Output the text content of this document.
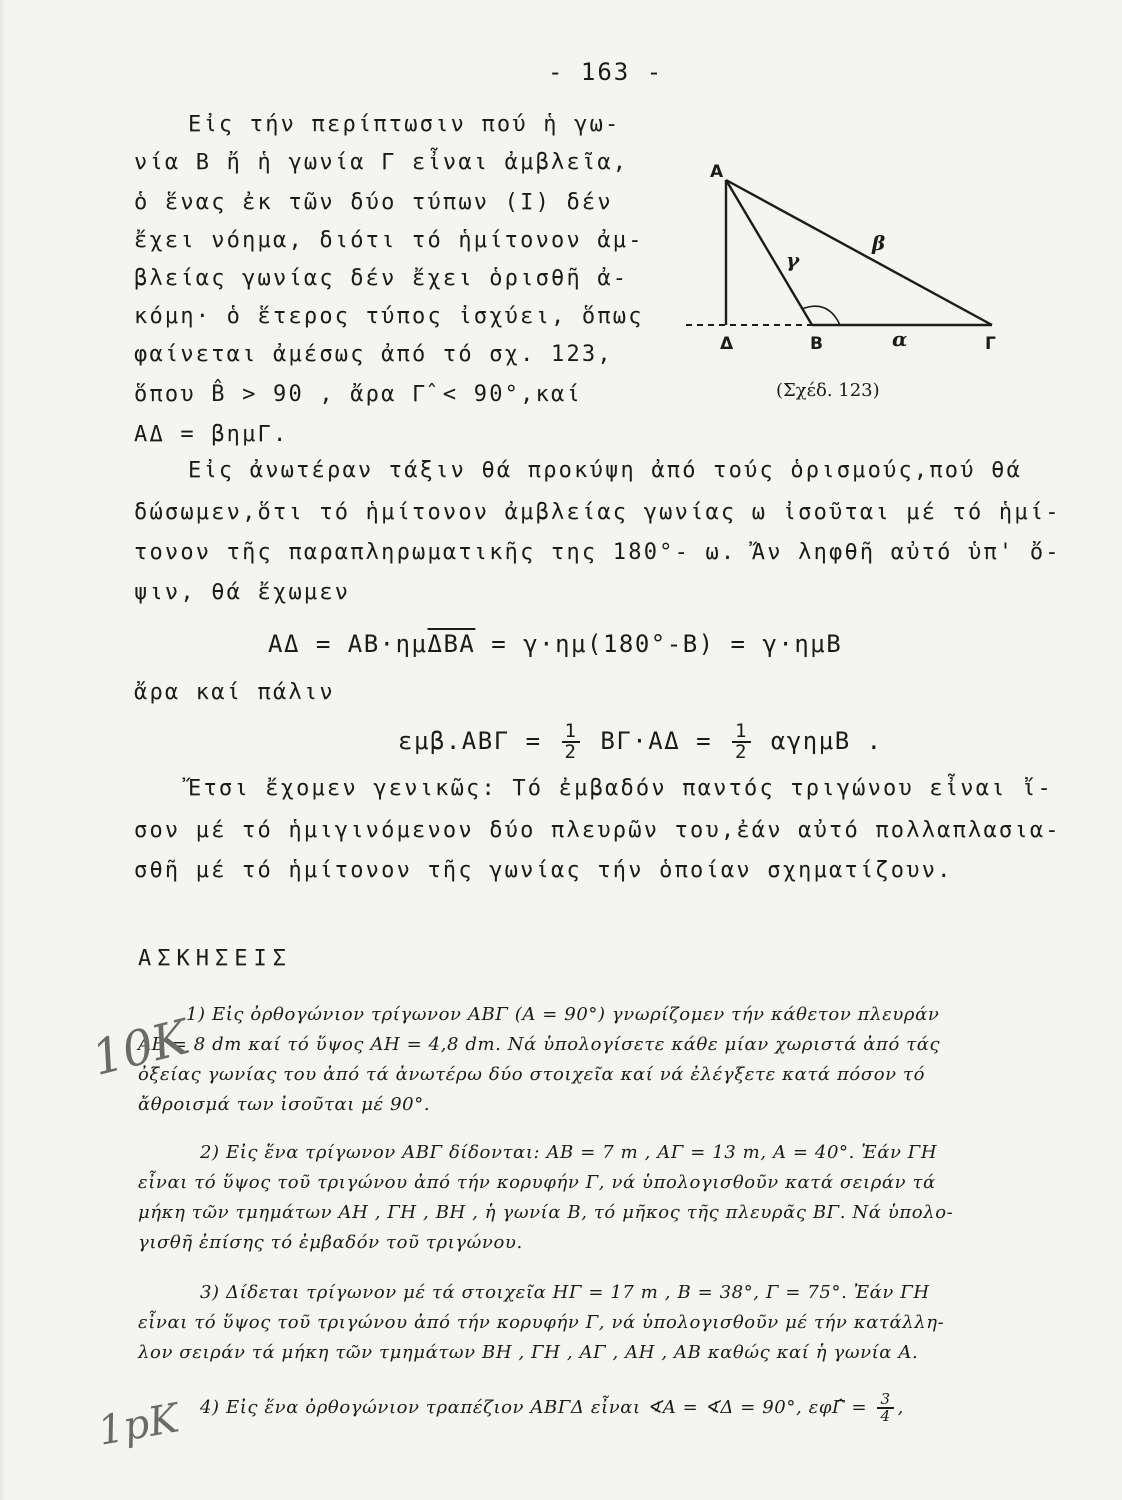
- 163 -
Εἰς τήν περίπτωσιν πού ἡ γω-
νία Β ἤ ἡ γωνία Γ εἶναι ἀμβλεῖα,
ὁ ἕνας ἐκ τῶν δύο τύπων (Ι) δέν
ἔχει νόημα, διότι τό ἡμίτονον ἀμ-
βλείας γωνίας δέν ἔχει ὁρισθῆ ἀ-
κόμη· ὁ ἕτερος τύπος ἰσχύει, ὅπως
φαίνεται ἀμέσως ἀπό τό σχ. 123,
ὅπου B̂ > 90 , ἄρα Γ̂ < 90°,καί
ΑΔ = βημΓ.
A
Δ	B	Γ
γ
β
α
(Σχέδ. 123)
Εἰς ἀνωτέραν τάξιν θά προκύψη ἀπό τούς ὁρισμούς,πού θά
δώσωμεν,ὅτι τό ἡμίτονον ἀμβλείας γωνίας ω ἰσοῦται μέ τό ἡμί-
τονον τῆς παραπληρωματικῆς της 180°- ω. Ἄν ληφθῆ αὐτό ὑπ' ὄ-
ψιν, θά ἔχωμεν
$A\Delta = AB\cdot\eta\mu\overline{\Delta BA} = \gamma\cdot\eta\mu(180^\circ-B) = \gamma\cdot\eta\mu B$
ἄρα καί πάλιν
$\varepsilon\mu\beta.AB\Gamma = \frac{1}{2} B\Gamma\cdot A\Delta = \frac{1}{2}$ αγημΒ .
Ἔτσι ἔχομεν γενικῶς: Τό ἐμβαδόν παντός τριγώνου εἶναι ἴ-
σον μέ τό ἡμιγινόμενον δύο πλευρῶν του,ἐάν αὐτό πολλαπλασια-
σθῆ μέ τό ἡμίτονον τῆς γωνίας τήν ὁποίαν σχηματίζουν.
ΑΣΚΗΣΕΙΣ
1) Εἰς ὀρθογώνιον τρίγωνον ΑΒΓ (Α = 90°) γνωρίζομεν τήν κάθετον πλευράν
ΑΒ = 8 dm καί τό ὕψος ΑΗ = 4,8 dm. Νά ὑπολογίσετε κάθε μίαν χωριστά ἀπό τάς
ὀξείας γωνίας του ἀπό τά ἀνωτέρω δύο στοιχεῖα καί νά ἐλέγξετε κατά πόσον τό
ἄθροισμά των ἰσοῦται μέ 90°.
2) Εἰς ἕνα τρίγωνον ΑΒΓ δίδονται: ΑΒ = 7 m , ΑΓ = 13 m, Α = 40°. Ἐάν ΓΗ
εἶναι τό ὕψος τοῦ τριγώνου ἀπό τήν κορυφήν Γ, νά ὑπολογισθοῦν κατά σειράν τά
μήκη τῶν τμημάτων ΑΗ , ΓΗ , ΒΗ , ἡ γωνία Β, τό μῆκος τῆς πλευρᾶς ΒΓ. Νά ὑπολο-
γισθῆ ἐπίσης τό ἐμβαδόν τοῦ τριγώνου.
3) Δίδεται τρίγωνον μέ τά στοιχεῖα ΗΓ = 17 m , Β = 38°, Γ = 75°. Ἐάν ΓΗ
εἶναι τό ὕψος τοῦ τριγώνου ἀπό τήν κορυφήν Γ, νά ὑπολογισθοῦν μέ τήν κατάλλη-
λον σειράν τά μήκη τῶν τμημάτων ΒΗ , ΓΗ , ΑΓ , ΑΗ , ΑΒ καθώς καί ἡ γωνία Α.
4) Εἰς ἕνα ὀρθογώνιον τραπέζιον ΑΒΓΔ εἶναι ∢Α = ∢Δ = 90°, εφΓ̂ = $\frac{3}{4}$ ,
10K
1pK
